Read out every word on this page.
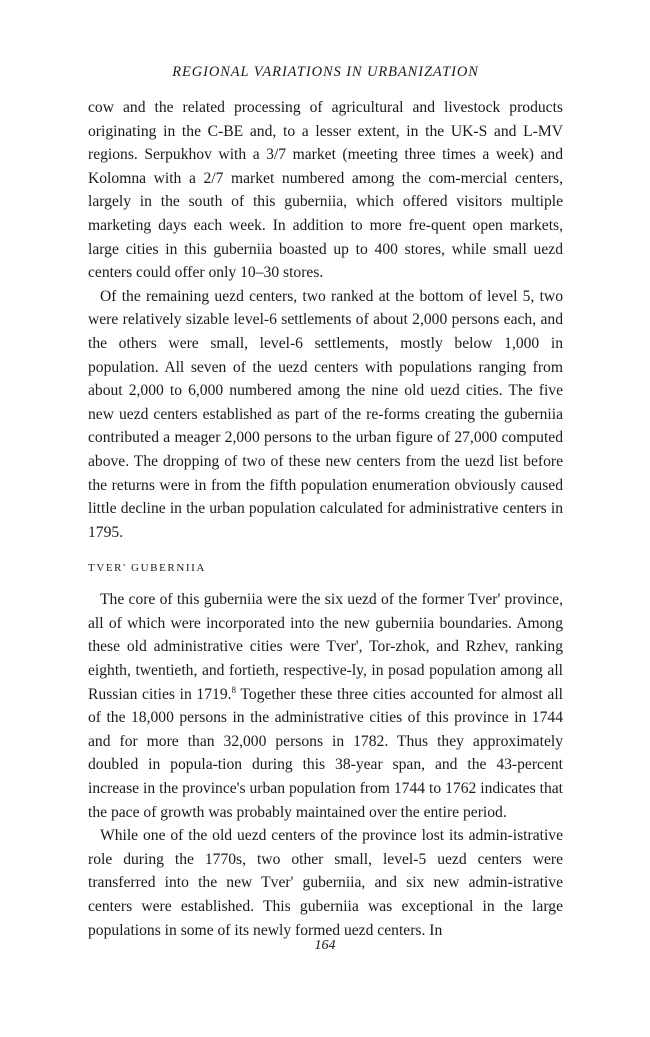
REGIONAL VARIATIONS IN URBANIZATION

cow and the related processing of agricultural and livestock products originating in the C-BE and, to a lesser extent, in the UK-S and L-MV regions. Serpukhov with a 3/7 market (meeting three times a week) and Kolomna with a 2/7 market numbered among the com-mercial centers, largely in the south of this guberniia, which offered visitors multiple marketing days each week. In addition to more fre-quent open markets, large cities in this guberniia boasted up to 400 stores, while small uezd centers could offer only 10–30 stores.

Of the remaining uezd centers, two ranked at the bottom of level 5, two were relatively sizable level-6 settlements of about 2,000 persons each, and the others were small, level-6 settlements, mostly below 1,000 in population. All seven of the uezd centers with populations ranging from about 2,000 to 6,000 numbered among the nine old uezd cities. The five new uezd centers established as part of the re-forms creating the guberniia contributed a meager 2,000 persons to the urban figure of 27,000 computed above. The dropping of two of these new centers from the uezd list before the returns were in from the fifth population enumeration obviously caused little decline in the urban population calculated for administrative centers in 1795.

TVER' GUBERNIIA

The core of this guberniia were the six uezd of the former Tver' province, all of which were incorporated into the new guberniia boundaries. Among these old administrative cities were Tver', Tor-zhok, and Rzhev, ranking eighth, twentieth, and fortieth, respective-ly, in posad population among all Russian cities in 1719.$^8$ Together these three cities accounted for almost all of the 18,000 persons in the administrative cities of this province in 1744 and for more than 32,000 persons in 1782. Thus they approximately doubled in popula-tion during this 38-year span, and the 43-percent increase in the province's urban population from 1744 to 1762 indicates that the pace of growth was probably maintained over the entire period.

While one of the old uezd centers of the province lost its admin-istrative role during the 1770s, two other small, level-5 uezd centers were transferred into the new Tver' guberniia, and six new admin-istrative centers were established. This guberniia was exceptional in the large populations in some of its newly formed uezd centers. In

164
